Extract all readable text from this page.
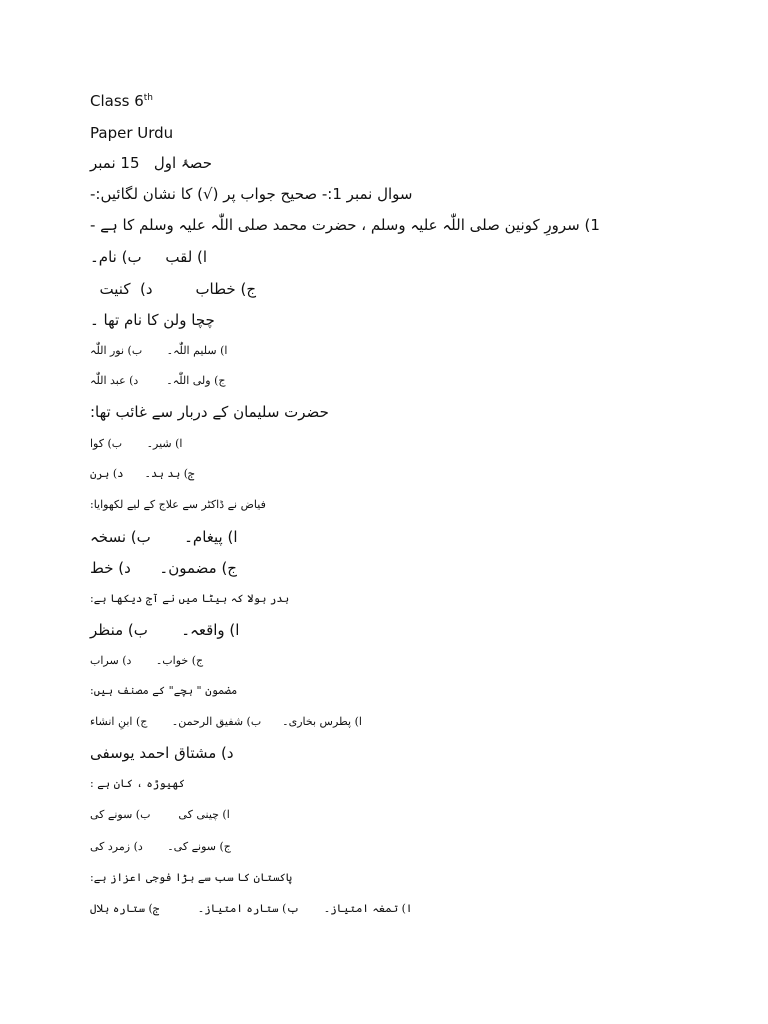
Class 6th
Paper Urdu
حصۂ اول   15 نمبر
سوال نمبر 1:- صحیح جواب پر (√) کا نشان لگائیں:-
1) سرورِ کونین صلی اللّٰہ علیہ وسلم ، حضرت محمد صلی اللّٰہ علیہ وسلم کا ہے -
ا) لقب     ب) نام۔
ج) خطاب         د)  کنیت
چچا ولن کا نام تھا ۔
ا) سلیم اللّٰہ۔       ب) نور اللّٰہ
ج) ولی اللّٰہ۔        د) عبد اللّٰہ
حضرت سلیمان کے دربار سے غائب تھا:
ا) شیر۔       ب) کوا
ج) ہد ہد۔      د) ہرن
فیاض نے ڈاکٹر سے علاج کے لیے لکھوایا:
ا) پیغام۔       ب) نسخہ
ج) مضمون۔      د) خط
بدر بولا کہ بیٹا میں نے آج دیکھا ہے:
ا) واقعہ۔       ب) منظر
ج) خواب۔       د) سراب
مضمون " بچے" کے مصنف ہیں:
ا) پطرس بخاری۔      ب) شفیق الرحمن۔       ج) ابنِ انشاء
د) مشتاق احمد یوسفی
کھیوڑہ ، کان ہے :
ا) چینی کی        ب) سونے کی
ج) سونے کی۔       د) زمرد کی
پاکستان کا سب سے بڑا فوجی اعزاز ہے:
ا) تمغہ امتیاز۔       ب) ستارہ امتیاز۔           ج) ستارہ ہلال
